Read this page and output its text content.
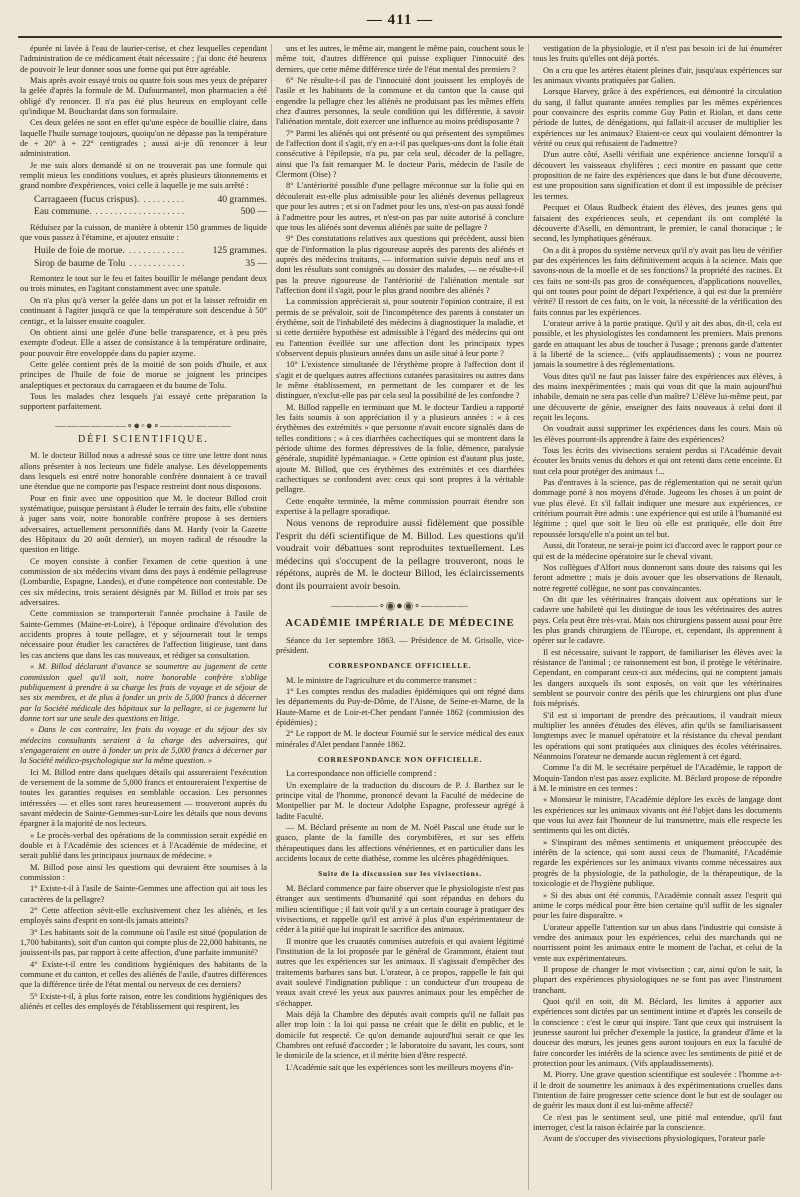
— 411 —

épurée ni lavée à l'eau de laurier-cerise, et chez lesquelles cependant l'administration de ce médicament était nécessaire ; j'ai donc été heureux de pouvoir le leur donner sous une forme qui put être agréable.

Mais après avoir essayé trois ou quatre fois sous mes yeux de préparer la gelée d'après la formule de M. Dufourmantel, mon pharmacien a été obligé d'y renoncer. Il n'a pas été plus heureux en employant celle qu'indique M. Bouchardat dans son formulaire.

Ces deux gelées ne sont en effet qu'une espèce de bouillie claire, dans laquelle l'huile surnage toujours, quoiqu'on ne dépasse pas la température de + 20° à + 22° centigrades ; aussi ai-je dû renoncer à leur administration.

Je me suis alors demandé si on ne trouverait pas une formule qui remplit mieux les conditions voulues, et après plusieurs tâtonnements et grand nombre d'expériences, voici celle à laquelle je me suis arrêté :

Carragaeen (fucus crispus). . . .	40 grammes.
Eau commune. . . .	500 —

Réduisez par la cuisson, de manière à obtenir 150 grammes de liquide que vous passez à l'étamine, et ajoutez ensuite :

Huile de foie de morue. . . .	125 grammes.
Sirop de baume de Tolu . . .	35 —

Remontez le tout sur le feu et faites bouillir le mélange pendant deux ou trois minutes, en l'agitant constamment avec une spatule.

On n'a plus qu'à verser la gelée dans un pot et la laisser refroidir en continuant à l'agiter jusqu'à ce que la température soit descendue à 50° centigr., et la laisser ensuite coaguler.

On obtient ainsi une gelée d'une belle transparence, et à peu près exempte d'odeur. Elle a assez de consistance à la température ordinaire, pour pouvoir être enveloppée dans du papier azyme.

Cette gelée contient près de la moitié de son poids d'huile, et aux principes de l'huile de foie de morue se joignent les principes analeptiques et pectoraux du carragaeen et du baume de Tolu.

Tous les malades chez lesquels j'ai essayé cette préparation la supportent parfaitement.

——————∘●◦●∘——————
DÉFI SCIENTIFIQUE.

M. le docteur Billod nous a adressé sous ce titre une lettre dont nous allons présenter à nos lecteurs une fidèle analyse. Les développements dans lesquels est entré notre honorable confrère donnaient à ce travail une étendue que ne comporte pas l'espace restreint dont nous disposons.

Pour en finir avec une opposition que M. le docteur Billod croit systématique, puisque persistant à éluder le terrain des faits, elle s'obstine à juger sans voir, notre honorable confrère propose à ses derniers adversaires, actuellement personnifiés dans M. Hardy (voir la Gazette des Hôpitaux du 20 août dernier), un moyen radical de résoudre la question en litige.

Ce moyen consiste à confier l'examen de cette question à une commission de six médecins vivant dans des pays à endémie pellagreuse (Lombardie, Espagne, Landes), et d'une compétence non contestable. De ces six médecins, trois seraient désignés par M. Billod et trois par ses adversaires.

Cette commission se transporterait l'année prochaine à l'asile de Sainte-Gemmes (Maine-et-Loire), à l'époque ordinaire d'évolution des accidents propres à toute pellagre, et y séjournerait tout le temps nécessaire pour étudier les caractères de l'affection litigieuse, tant dans les cas anciens que dans les cas nouveaux, et rédiger sa consultation.

« M. Billod déclarant d'avance se soumettre au jugement de cette commission quel qu'il soit, notre honorable confrère s'oblige publiquement à prendre à sa charge les frais de voyage et de séjour de ses six membres, et de plus à fonder un prix de 5,000 francs à décerner par la Société médicale des hôpitaux sur la pellagre, si ce jugement lui donne tort sur une seule des questions en litige.

» Dans le cas contraire, les frais du voyage et du séjour des six médecins consultants seraient à la charge des adversaires, qui s'engageraient en outre à fonder un prix de 5,000 francs à décerner par la Société médico-psychologique sur la même question. »

Ici M. Billod entre dans quelques détails qui assureraient l'exécution de versement de la somme de 5,000 francs et entoureraient l'expertise de toutes les garanties requises en semblable occasion. Les personnes intéressées — et elles sont rares heureusement — trouveront auprès du savant médecin de Sainte-Gemmes-sur-Loire les détails que nous devons épargner à la majorité de nos lecteurs.

« Le procès-verbal des opérations de la commission serait expédié en double et à l'Académie des sciences et à l'Académie de médecine, et serait publié dans les principaux journaux de médecine. »

M. Billod pose ainsi les questions qui devraient être soumises à la commission :

1° Existe-t-il à l'asile de Sainte-Gemmes une affection qui ait tous les caractères de la pellagre?

2° Cette affection sévit-elle exclusivement chez les aliénés, et les employés sains d'esprit en sont-ils jamais atteints?

3° Les habitants soit de la commune où l'asile est situé (population de 1,700 habitants), soit d'un canton qui compte plus de 22,000 habitants, ne jouissent-ils pas, par rapport à cette affection, d'une parfaite immunité?

4° Existe-t-il entre les conditions hygiéniques des habitants de la commune et du canton, et celles des aliénés de l'asile, d'autres différences que la différence tirée de l'état mental ou nerveux de ces derniers?

5° Existe-t-il, à plus forte raison, entre les conditions hygiéniques des aliénés et celles des employés de l'établissement qui respirent, les

uns et les autres, le même air, mangent le même pain, couchent sous le même toit, d'autres différence qui puisse expliquer l'innocuité des derniers, que cette même différence tirée de l'état mental des premiers ?

6° Ne résulte-t-il pas de l'innocuité dont jouissent les employés de l'asile et les habitants de la commune et du canton que la cause qui engendre la pellagre chez les aliénés ne produisant pas les mêmes effets chez d'autres personnes, la seule condition qui les différentie, à savoir l'aliénation mentale, doit exercer une influence au moins prédisposante ?

7° Parmi les aliénés qui ont présenté ou qui présentent des symptômes de l'affection dont il s'agit, n'y en a-t-il pas quelques-uns dont la folie était consécutive à l'épilepsie, n'a pu, par cela seul, décoder de la pellagre, ainsi que l'a fait remarquer M. le docteur Paris, médecin de l'asile de Clermont (Oise) ?

8° L'antériorité possible d'une pellagre méconnue sur la folie qui en découlerait est-elle plus admissible pour les aliénés devenus pellagreux que pour les autres ; et si on l'admet pour les uns, n'est-on pas aussi fondé à l'admettre pour les autres, et n'est-on pas par suite autorisé à conclure que tous les aliénés sont devenus aliénés par suite de pellagre ?

9° Des constatations relatives aux questions qui précèdent, aussi bien que de l'information la plus rigoureuse auprès des parents des aliénés et auprès des médecins traitants, — information suivie depuis neuf ans et dont les résultats sont consignés au dossier des malades, — ne résulte-t-il pas la preuve rigoureuse de l'antériorité de l'aliénation mentale sur l'affection dont il s'agit, pour le plus grand nombre des aliénés ?

La commission apprécierait si, pour soutenir l'opinion contraire, il est permis de se prévaloir, soit de l'incompétence des parents à constater un érythème, soit de l'inhabileté des médecins à diagnostiquer la maladie, et si cette dernière hypothèse est admissible à l'égard des médecins qui ont eu l'attention éveillée sur une affection dont les principaux types s'observent depuis plusieurs années dans un asile situé à leur porte ?

10° L'existence simultanée de l'érythème propre à l'affection dont il s'agit et de quelques autres affections cutanées parasitaires ou autres dans le même établissement, en permettant de les comparer et de les distinguer, n'exclut-elle pas par cela seul la possibilité de les confondre ?

M. Billod rappelle en terminant que M. le docteur Tardieu a rapporté les faits soumis à son appréciation il y a plusieurs années : « à ces érythèmes des extrémités » que personne n'avait encore signalés dans de telles conditions ; « à ces diarrhées cachectiques qui se montrent dans la période ultime des formes dépressives de la folie, démence, paralysie générale, stupidité lypémaniaque. » Cette opinion est d'autant plus juste, ajoute M. Billod, que ces érythèmes des extrémités et ces diarrhées cachectiques se confondent avec ceux qui sont propres à la véritable pellagre.

Cette enquête terminée, la même commission pourrait étendre son expertise à la pellagre sporadique.

Nous venons de reproduire aussi fidèlement que possible l'esprit du défi scientifique de M. Billod. Les questions qu'il voudrait voir débattues sont reproduites textuellement. Les médecins qui s'occupent de la pellagre trouveront, nous le répétons, auprès de M. le docteur Billod, les éclaircissements dont ils pourraient avoir besoin.

————∘◉●◉∘————
ACADÉMIE IMPÉRIALE DE MÉDECINE

Séance du 1er septembre 1863. — Présidence de M. Grisolle, vice-président.

CORRESPONDANCE OFFICIELLE.

M. le ministre de l'agriculture et du commerce transmet :

1° Les comptes rendus des maladies épidémiques qui ont régné dans les départements du Puy-de-Dôme, de l'Aisne, de Seine-et-Marne, de la Haute-Marne et de Loir-et-Cher pendant l'année 1862 (commission des épidémies) ;

2° Le rapport de M. le docteur Fournié sur le service médical des eaux minérales d'Alet pendant l'année 1862.

CORRESPONDANCE NON OFFICIELLE.

La correspondance non officielle comprend :

Un exemplaire de la traduction du discours de P. J. Barthez sur le principe vital de l'homme, prononcé devant la Faculté de médecine de Montpellier par M. le docteur Adolphe Espagne, professeur agrégé à ladite Faculté.

— M. Béclard présente au nom de M. Noël Pascal une étude sur le guaco, plante de la famille des corymbifères, et sur ses effets thérapeutiques dans les affections vénériennes, et en particulier dans les accidents locaux de cette diathèse, comme les ulcères phagédéniques.

Suite de la discussion sur les vivisections.

M. Béclard commence par faire observer que le physiologiste n'est pas étranger aux sentiments d'humanité qui sont répandus en dehors du milieu scientifique ; il fait voir qu'il y a un certain courage à pratiquer des vivisections, et rappelle qu'il est arrivé à plus d'un expérimentateur de céder à la pitié que lui inspirait le sacrifice des animaux.

Il montre que les cruautés commises autrefois et qui avaient légitimé l'institution de la loi proposée par le général de Grammont, étaient tout autres que les expériences sur les animaux. Il s'agissait d'empêcher des traitements barbares sans but. L'orateur, à ce propos, rappelle le fait qui avait soulevé l'indignation publique : un conducteur d'un troupeau de veaux avait crevé les yeux aux pauvres animaux pour les empêcher de s'échapper.

Mais déjà la Chambre des députés avait compris qu'il ne fallait pas aller trop loin : la loi qui passa ne créait que le délit en public, et le domicile fut respecté. Ce qu'on demande aujourd'hui serait ce que les Chambres ont refusé d'accorder ; le laboratoire du savant, les cours, sont le domicile de la science, et il mérite bien d'être respecté.

L'Académie sait que les expériences sont les meilleurs moyens d'in-

vestigation de la physiologie, et il n'est pas besoin ici de lui énumérer tous les fruits qu'elles ont déjà portés.

On a cru que les artères étaient pleines d'air, jusqu'aux expériences sur les animaux vivants pratiquées par Galien.

Lorsque Harvey, grâce à des expériences, eut démontré la circulation du sang, il fallut quarante années remplies par les mêmes expériences pour convaincre des esprits comme Guy Patin et Riolan, et dans cette période de luttes, de dénégations, qui fallait-il accuser de multiplier les expériences sur les animaux? Etaient-ce ceux qui voulaient démontrer la vérité ou ceux qui refusaient de l'admettre?

D'un autre côté, Aselli vérifiait une expérience ancienne lorsqu'il a découvert les vaisseaux chylifères ; ceci montre en passant que cette proposition de ne faire des expériences que dans le but d'une découverte, est une proposition sans signification et dont il est impossible de préciser les termes.

Pecquet et Olaus Rudbeck étaient des élèves, des jeunes gens qui faisaient des expériences seuls, et cependant ils ont complété la découverte d'Aselli, en démontrant, le premier, le canal thoracique ; le second, les lymphatiques généraux.

On a dit à propos du système nerveux qu'il n'y avait pas lieu de vérifier par des expériences les faits définitivement acquis à la science. Mais que savons-nous de la moelle et de ses fonctions? la propriété des racines. Et ces faits ne sont-ils pas gros de conséquences, d'applications nouvelles, qui ont toutes pour point de départ l'expérience, à qui est due la première vérité? Il ressort de ces faits, on le voit, la nécessité de la vérification des faits connus par les expériences.

L'orateur arrive à la partie pratique. Qu'il y ait des abus, dit-il, cela est possible, et les physiologistes les condamnent les premiers. Mais prenons garde en attaquant les abus de toucher à l'usage ; prenons garde d'attenter à la liberté de la science... (vifs applaudissements) ; vous ne pourrez jamais la soumettre à des réglementations.

Vous dites qu'il ne faut pas laisser faire des expériences aux élèves, à des mains inexpérimentées ; mais qui vous dit que la main aujourd'hui inhabile, demain ne sera pas celle d'un maître? L'élève lui-même peut, par une découverte de génie, enseigner des faits nouveaux à celui dont il reçoit les leçons.

On voudrait aussi supprimer les expériences dans les cours. Mais où les élèves pourront-ils apprendre à faire des expériences?

Tous les écrits des vivisections seraient perdus si l'Académie devait écouter les bruits venus du dehors et qui ont retenti dans cette enceinte. Et tout cela pour protéger des animaux !...

Pas d'entraves à la science, pas de réglementation qui ne serait qu'un dommage porté à nos moyens d'étude. Jugeons les choses à un point de vue plus élevé. Et s'il fallait indiquer une mesure aux expériences, ce critérium pourrait être admis : une expérience qui est utile à l'humanité est légitime ; quel que soit le lieu où elle est pratiquée, elle doit être repoussée lorsqu'elle n'a point un tel but.

Aussi, dit l'orateur, ne serai-je point ici d'accord avec le rapport pour ce qui est de la médecine opératoire sur le cheval vivant.

Nos collègues d'Alfort nous donneront sans doute des raisons qui les feront admettre ; mais je dois avouer que les observations de Renault, notre regretté collègue, ne sont pas convaincantes.

On dit que les vétérinaires français doivent aux opérations sur le cadavre une habileté qui les distingue de tous les vétérinaires des autres pays. Cela peut être très-vrai. Mais nos chirurgiens passent aussi pour être les plus grands chirurgiens de l'Europe, et, cependant, ils apprennent à opérer sur le cadavre.

Il est nécessaire, suivant le rapport, de familiariser les élèves avec la résistance de l'animal ; ce raisonnement est bon, il protège le vétérinaire. Cependant, en comparant ceux-ci aux médecins, qui ne comptent jamais les dangers auxquels ils sont exposés, on voit que les vétérinaires semblent se pourvoir contre des périls que les chirurgiens ont plus d'une fois méprisés.

S'il est si important de prendre des précautions, il vaudrait mieux multiplier les années d'études des élèves, afin qu'ils se familiarisassent longtemps avec le manuel opératoire et la résistance du cheval pendant les opérations qui sont pratiquées aux cliniques des écoles vétérinaires. Néanmoins l'orateur ne demande aucun règlement à cet égard.

Comme l'a dit M. le secrétaire perpétuel de l'Académie, le rapport de Moquin-Tandon n'est pas assez explicite. M. Béclard propose de répondre à M. le ministre en ces termes :

« Monsieur le ministre, l'Académie déplore les excès de langage dont les expériences sur les animaux vivants ont été l'objet dans les documents que vous lui avez fait l'honneur de lui transmettre, mais elle respecte les sentiments qui les ont dictés.

» S'inspirant des mêmes sentiments et uniquement préoccupée des intérêts de la science, qui sont aussi ceux de l'humanité, l'Académie regarde les expériences sur les animaux vivants comme nécessaires aux progrès de la physiologie, de la pathologie, de la thérapeutique, de la toxicologie et de l'hygiène publique.

» Si des abus ont été commis, l'Académie connaît assez l'esprit qui anime le corps médical pour être bien certaine qu'il suffit de les signaler pour les faire disparaître. »

L'orateur appelle l'attention sur un abus dans l'industrie qui consiste à vendre des animaux pour les expériences, celui des marchands qui ne nourrissent point les animaux entre le moment de l'achat, et celui de la vente aux expérimentateurs.

Il propose de changer le mot vivisection ; car, ainsi qu'on le sait, la plupart des expériences physiologiques ne se font pas avec l'instrument tranchant.

Quoi qu'il en soit, dit M. Béclard, les limites à apporter aux expériences sont dictées par un sentiment intime et d'après les conseils de la conscience : c'est le cœur qui inspire. Tant que ceux qui instruisent la jeunesse sauront lui prêcher d'exemple la justice, la grandeur d'âme et la douceur des mœurs, les jeunes gens auront toujours en eux la faculté de faire concorder les intérêts de la science avec les sentiments de pitié et de protection pour les animaux. (Vifs applaudissements).

M. Piorry. Une grave question scientifique est soulevée : l'homme a-t-il le droit de soumettre les animaux à des expérimentations cruelles dans l'intention de faire progresser cette science dont le but est de soulager ou de guérir les maux dont il est lui-même affecté?

Ce n'est pas le sentiment seul, une pitié mal entendue, qu'il faut interroger, c'est la raison éclairée par la conscience.

Avant de s'occuper des vivisections physiologiques, l'orateur parle
